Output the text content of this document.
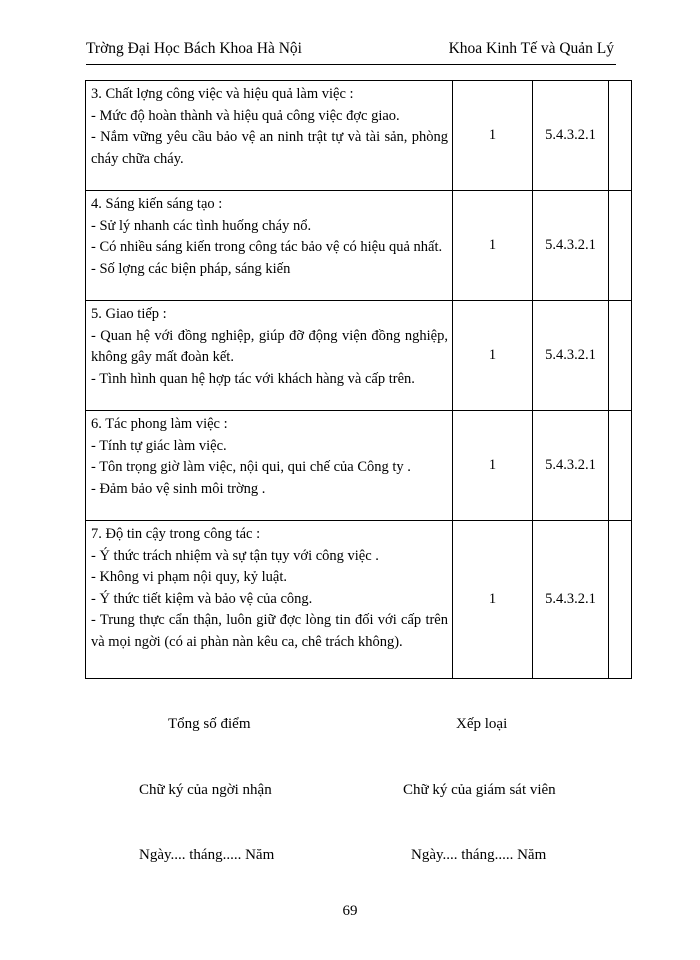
Trờng Đại Học Bách Khoa Hà Nội	Khoa Kinh Tế và Quản Lý
3. Chất lợng công việc và hiệu quả làm việc :
- Mức độ hoàn thành và hiệu quả công việc đợc giao.
- Nắm vững yêu cầu bảo vệ an ninh trật tự và tài sản, phòng cháy chữa cháy.	1	5.4.3.2.1	

4. Sáng kiến sáng tạo :
- Sử lý nhanh các tình huống cháy nổ.
- Có nhiều sáng kiến trong công tác bảo vệ có hiệu quả nhất.
- Số lợng các biện pháp, sáng kiến	1	5.4.3.2.1	

5. Giao tiếp :
- Quan hệ với đồng nghiệp, giúp đỡ động viện đồng nghiệp, không gây mất đoàn kết.
- Tình hình quan hệ hợp tác với khách hàng và cấp trên.	1	5.4.3.2.1	

6. Tác phong làm việc :
- Tính tự giác làm việc.
- Tôn trọng giờ làm việc, nội qui, qui chế của Công ty .
- Đảm bảo vệ sinh môi trờng .	1	5.4.3.2.1	

7. Độ tin cậy trong công tác :
- Ý thức trách nhiệm và sự tận tụy với công việc .
- Không vi phạm nội quy, kỷ luật.
- Ý thức tiết kiệm và bảo vệ của công.
- Trung thực cẩn thận, luôn giữ đợc lòng tin đối với cấp trên và mọi ngời (có ai phàn nàn kêu ca, chê trách không).	1	5.4.3.2.1	
Tổng số điểm	Xếp loại
Chữ ký của ngời nhận	Chữ ký của giám sát viên
Ngày.... tháng..... Năm	Ngày.... tháng..... Năm
69
